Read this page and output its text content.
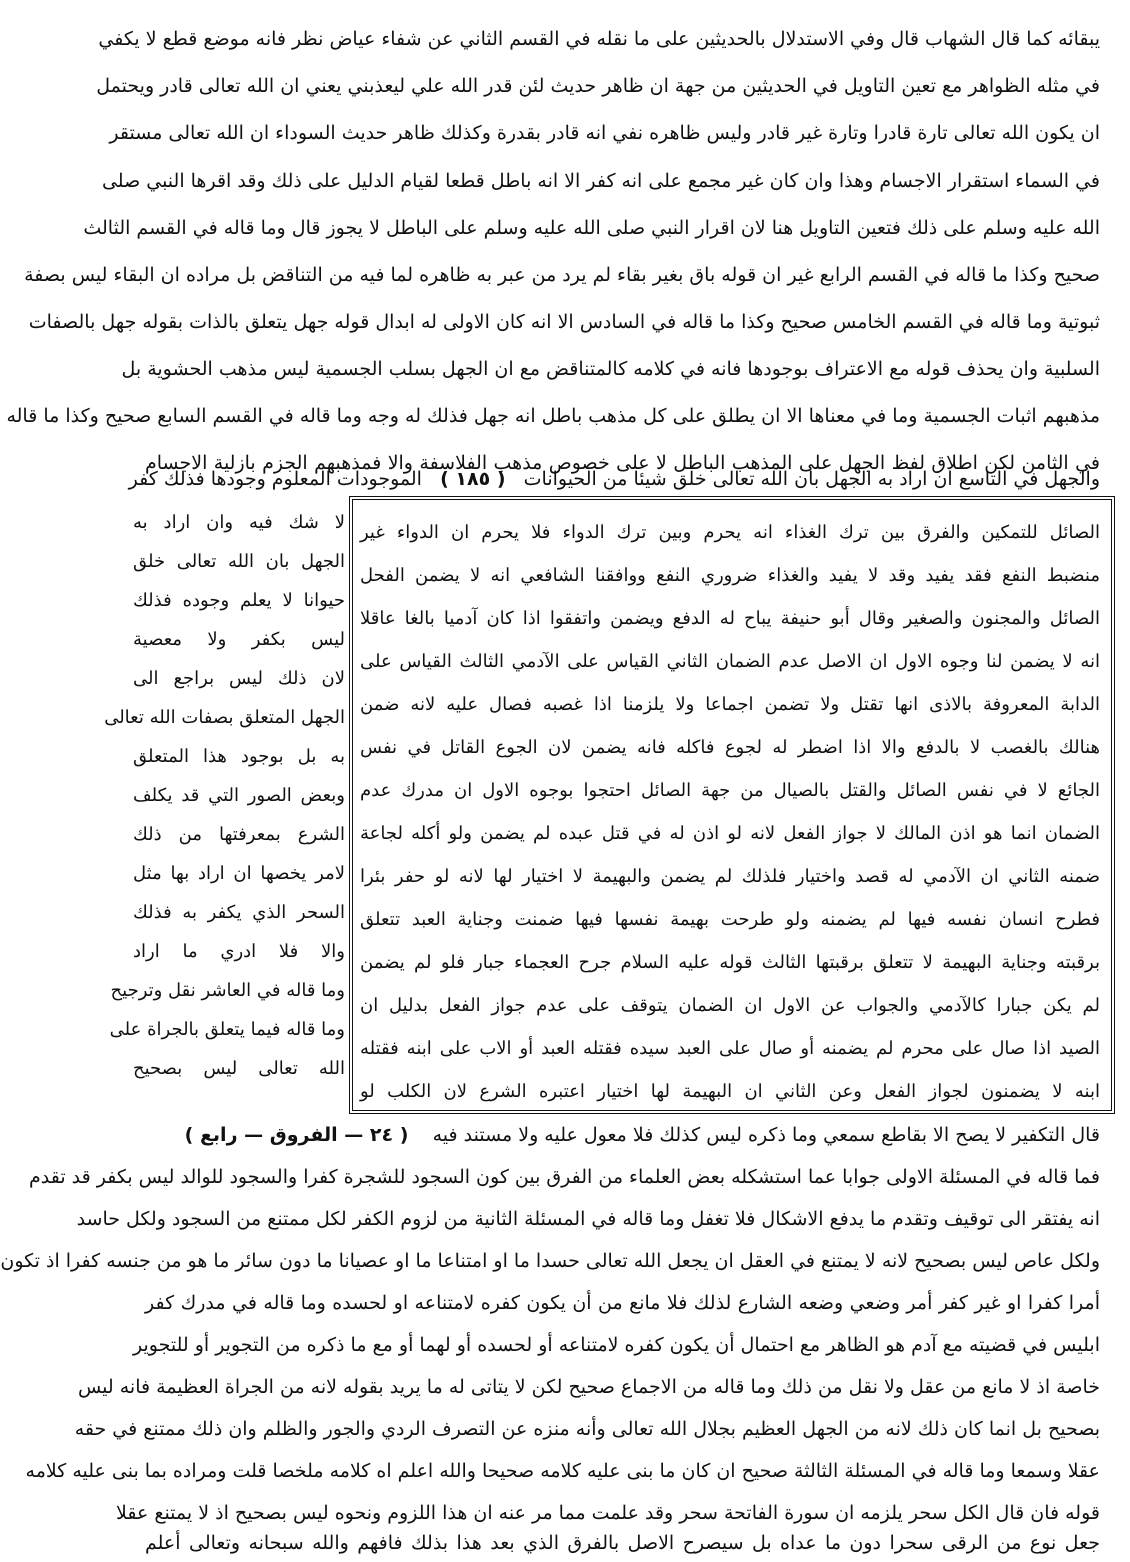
يبقائه كما قال الشهاب قال وفي الاستدلال بالحديثين على ما نقله في القسم الثاني عن شفاء عياض نظر فانه موضع قطع لا يكفي
في مثله الظواهر مع تعين التاويل في الحديثين من جهة ان ظاهر حديث لئن قدر الله علي ليعذبني يعني ان الله تعالى قادر ويحتمل
ان يكون الله تعالى تارة قادرا وتارة غير قادر وليس ظاهره نفي انه قادر بقدرة وكذلك ظاهر حديث السوداء ان الله تعالى مستقر
في السماء استقرار الاجسام وهذا وان كان غير مجمع على انه كفر الا انه باطل قطعا لقيام الدليل على ذلك وقد اقرها النبي صلى
الله عليه وسلم على ذلك فتعين التاويل هنا لان اقرار النبي صلى الله عليه وسلم على الباطل لا يجوز قال وما قاله في القسم الثالث
صحيح وكذا ما قاله في القسم الرابع غير ان قوله باق بغير بقاء لم يرد من عبر به ظاهره لما فيه من التناقض بل مراده ان البقاء ليس بصفة
ثبوتية وما قاله في القسم الخامس صحيح وكذا ما قاله في السادس الا انه كان الاولى له ابدال قوله جهل يتعلق بالذات بقوله جهل بالصفات
السلبية وان يحذف قوله مع الاعتراف بوجودها فانه في كلامه كالمتناقض مع ان الجهل بسلب الجسمية ليس مذهب الحشوية بل
مذهبهم اثبات الجسمية وما في معناها الا ان يطلق على كل مذهب باطل انه جهل فذلك له وجه وما قاله في القسم السابع صحيح وكذا ما قاله
في الثامن لكن اطلاق لفظ الجهل على المذهب الباطل لا على خصوص مذهب الفلاسفة والا فمذهبهم الجزم بازلية الاجسام
والجهل في التاسع ان اراد به الجهل بان الله تعالى خلق شيئا من الحيوانات   ( ١٨٥ )   الموجودات المعلوم وجودها فذلك كفر
الصائل للتمكين والفرق بين ترك الغذاء انه يحرم وبين ترك الدواء فلا يحرم ان الدواء غير
منضبط النفع فقد يفيد وقد لا يفيد والغذاء ضروري النفع ووافقنا الشافعي انه لا يضمن الفحل
الصائل والمجنون والصغير وقال أبو حنيفة يباح له الدفع ويضمن واتفقوا اذا كان آدميا بالغا عاقلا
انه لا يضمن لنا وجوه الاول ان الاصل عدم الضمان الثاني القياس على الآدمي الثالث القياس على
الدابة المعروفة بالاذى انها تقتل ولا تضمن اجماعا ولا يلزمنا اذا غصبه فصال عليه لانه ضمن
هنالك بالغصب لا بالدفع والا اذا اضطر له لجوع فاكله فانه يضمن لان الجوع القاتل في نفس
الجائع لا في نفس الصائل والقتل بالصيال من جهة الصائل احتجوا بوجوه الاول ان مدرك عدم
الضمان انما هو اذن المالك لا جواز الفعل لانه لو اذن له في قتل عبده لم يضمن ولو أكله لجاعة
ضمنه الثاني ان الآدمي له قصد واختيار فلذلك لم يضمن والبهيمة لا اختيار لها لانه لو حفر بئرا
فطرح انسان نفسه فيها لم يضمنه ولو طرحت بهيمة نفسها فيها ضمنت وجناية العبد تتعلق
برقبته وجناية البهيمة لا تتعلق برقبتها الثالث قوله عليه السلام جرح العجماء جبار فلو لم يضمن
لم يكن جبارا كالآدمي والجواب عن الاول ان الضمان يتوقف على عدم جواز الفعل بدليل ان
الصيد اذا صال على محرم لم يضمنه أو صال على العبد سيده فقتله العبد أو الاب على ابنه فقتله
ابنه لا يضمنون لجواز الفعل وعن الثاني ان البهيمة لها اختيار اعتبره الشرع لان الكلب لو
لا شك فيه وان اراد به
الجهل بان الله تعالى خلق
حيوانا لا يعلم وجوده فذلك
ليس بكفر ولا معصية
لان ذلك ليس براجع الى
الجهل المتعلق بصفات الله تعالى
به بل بوجود هذا المتعلق
وبعض الصور التي قد يكلف
الشرع بمعرفتها من ذلك
لامر يخصها ان اراد بها مثل
السحر الذي يكفر به فذلك
والا فلا ادري ما اراد
وما قاله في العاشر نقل وترجيح
وما قاله فيما يتعلق بالجراة على
الله تعالى ليس بصحيح
قال التكفير لا يصح الا بقاطع سمعي وما ذكره ليس كذلك فلا معول عليه ولا مستند فيه    ( ٢٤ — الفروق — رابع )
فما قاله في المسئلة الاولى جوابا عما استشكله بعض العلماء من الفرق بين كون السجود للشجرة كفرا والسجود للوالد ليس بكفر قد تقدم
انه يفتقر الى توقيف وتقدم ما يدفع الاشكال فلا تغفل وما قاله في المسئلة الثانية من لزوم الكفر لكل ممتنع من السجود ولكل حاسد
ولكل عاص ليس بصحيح لانه لا يمتنع في العقل ان يجعل الله تعالى حسدا ما او امتناعا ما او عصيانا ما دون سائر ما هو من جنسه كفرا اذ تكون
أمرا كفرا او غير كفر أمر وضعي وضعه الشارع لذلك فلا مانع من أن يكون كفره لامتناعه او لحسده وما قاله في مدرك كفر
ابليس في قضيته مع آدم هو الظاهر مع احتمال أن يكون كفره لامتناعه أو لحسده أو لهما أو مع ما ذكره من التجوير أو للتجوير
خاصة اذ لا مانع من عقل ولا نقل من ذلك وما قاله من الاجماع صحيح لكن لا يتاتى له ما يريد بقوله لانه من الجراة العظيمة فانه ليس
بصحيح بل انما كان ذلك لانه من الجهل العظيم بجلال الله تعالى وأنه منزه عن التصرف الردي والجور والظلم وان ذلك ممتنع في حقه
عقلا وسمعا وما قاله في المسئلة الثالثة صحيح ان كان ما بنى عليه كلامه صحيحا والله اعلم اه كلامه ملخصا قلت ومراده بما بنى عليه كلامه
قوله فان قال الكل سحر يلزمه ان سورة الفاتحة سحر وقد علمت مما مر عنه ان هذا اللزوم ونحوه ليس بصحيح اذ لا يمتنع عقلا
جعل نوع من الرقى سحرا دون ما عداه بل سيصرح الاصل بالفرق الذي بعد هذا بذلك فافهم والله سبحانه وتعالى أعلم
